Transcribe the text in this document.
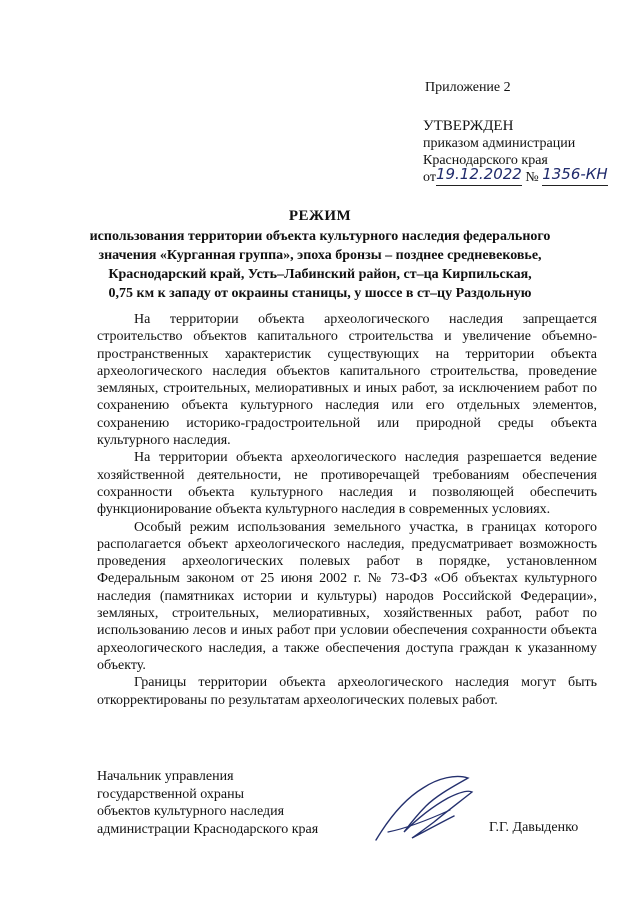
Приложение 2
УТВЕРЖДЕН
приказом администрации
Краснодарского края
от19.12.2022 № 1356-КН
РЕЖИМ
использования территории объекта культурного наследия федерального
значения «Курганная группа», эпоха бронзы – позднее средневековье,
Краснодарский край, Усть–Лабинский район, ст–ца Кирпильская,
0,75 км к западу от окраины станицы, у шоссе в ст–цу Раздольную

На территории объекта археологического наследия запрещается строительство объектов капитального строительства и увеличение объемно-пространственных характеристик существующих на территории объекта археологического наследия объектов капитального строительства, проведение земляных, строительных, мелиоративных и иных работ, за исключением работ по сохранению объекта культурного наследия или его отдельных элементов, сохранению историко-градостроительной или природной среды объекта культурного наследия.

На территории объекта археологического наследия разрешается ведение хозяйственной деятельности, не противоречащей требованиям обеспечения сохранности объекта культурного наследия и позволяющей обеспечить функционирование объекта культурного наследия в современных условиях.

Особый режим использования земельного участка, в границах которого располагается объект археологического наследия, предусматривает возможность проведения археологических полевых работ в порядке, установленном Федеральным законом от 25 июня 2002 г. № 73-ФЗ «Об объектах культурного наследия (памятниках истории и культуры) народов Российской Федерации», земляных, строительных, мелиоративных, хозяйственных работ, работ по использованию лесов и иных работ при условии обеспечения сохранности объекта археологического наследия, а также обеспечения доступа граждан к указанному объекту.

Границы территории объекта археологического наследия могут быть откорректированы по результатам археологических полевых работ.

Начальник управления
государственной охраны
объектов культурного наследия
администрации Краснодарского края	Г.Г. Давыденко
